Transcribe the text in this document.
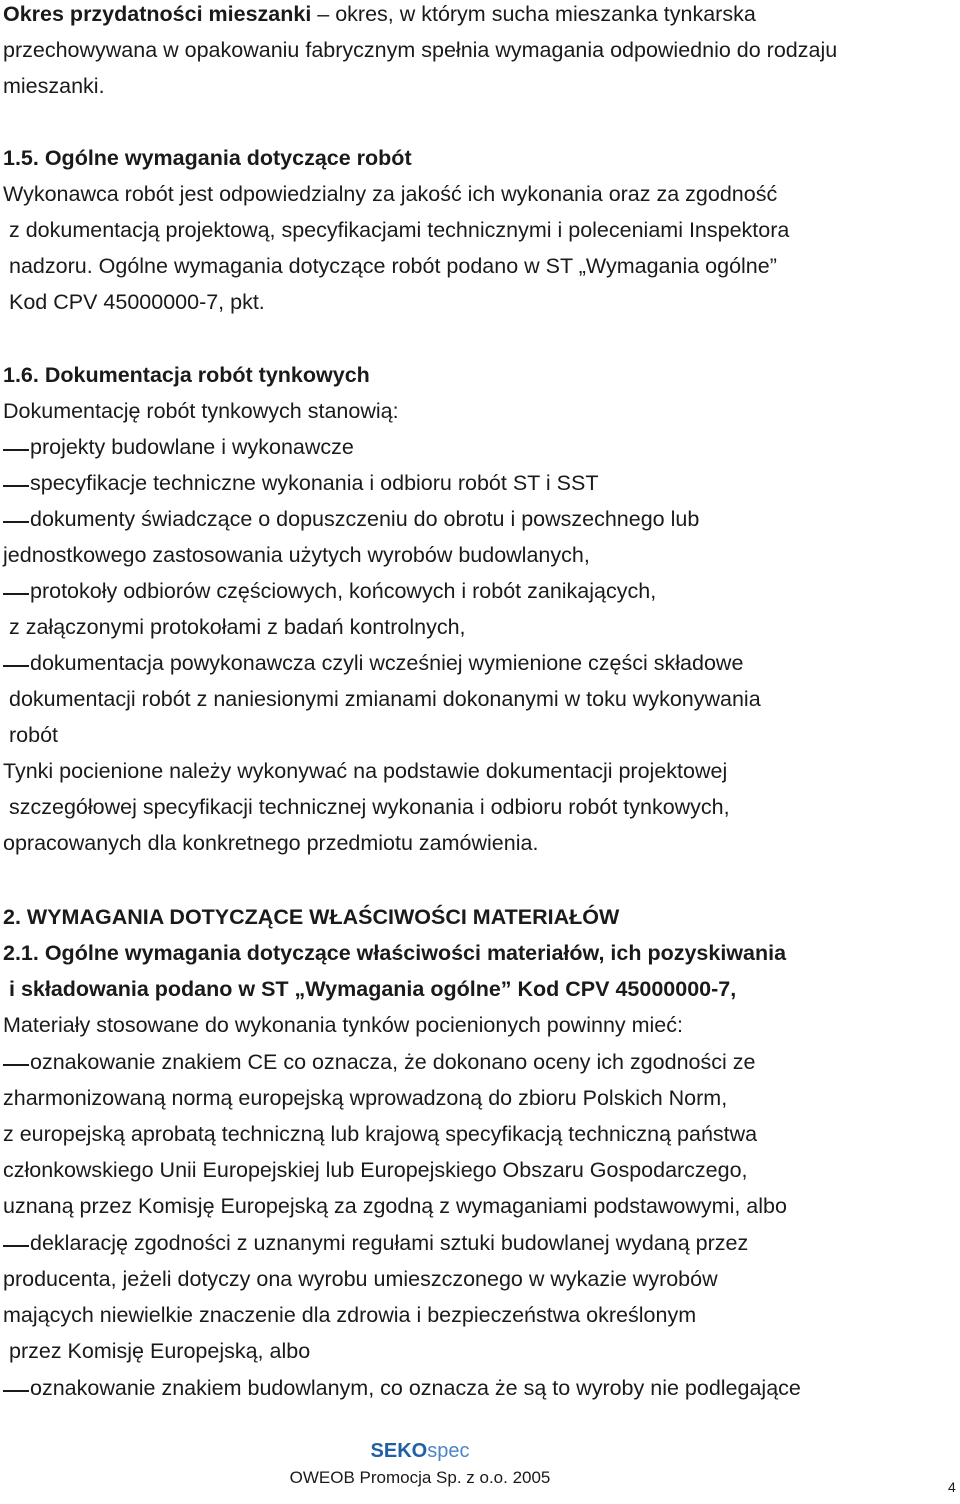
Okres przydatności mieszanki – okres, w którym sucha mieszanka tynkarska
przechowywana w opakowaniu fabrycznym spełnia wymagania odpowiednio do rodzaju
mieszanki.
1.5. Ogólne wymagania dotyczące robót
Wykonawca robót jest odpowiedzialny za jakość ich wykonania oraz za zgodność
z dokumentacją projektową, specyfikacjami technicznymi i poleceniami Inspektora
nadzoru. Ogólne wymagania dotyczące robót podano w ST „Wymagania ogólne”
Kod CPV 45000000-7, pkt.
1.6. Dokumentacja robót tynkowych
Dokumentację robót tynkowych stanowią:
projekty budowlane i wykonawcze
specyfikacje techniczne wykonania i odbioru robót ST i SST
dokumenty świadczące o dopuszczeniu do obrotu i powszechnego lub
jednostkowego zastosowania użytych wyrobów budowlanych,
protokoły odbiorów częściowych, końcowych i robót zanikających,
z załączonymi protokołami z badań kontrolnych,
dokumentacja powykonawcza czyli wcześniej wymienione części składowe
dokumentacji robót z naniesionymi zmianami dokonanymi w toku wykonywania
robót
Tynki pocienione należy wykonywać na podstawie dokumentacji projektowej
szczegółowej specyfikacji technicznej wykonania i odbioru robót tynkowych,
opracowanych dla konkretnego przedmiotu zamówienia.
2. WYMAGANIA DOTYCZĄCE WŁAŚCIWOŚCI MATERIAŁÓW
2.1. Ogólne wymagania dotyczące właściwości materiałów, ich pozyskiwania
i składowania podano w ST „Wymagania ogólne” Kod CPV 45000000-7,
Materiały stosowane do wykonania tynków pocienionych powinny mieć:
oznakowanie znakiem CE co oznacza, że dokonano oceny ich zgodności ze
zharmonizowaną normą europejską wprowadzoną do zbioru Polskich Norm,
z europejską aprobatą techniczną lub krajową specyfikacją techniczną państwa
członkowskiego Unii Europejskiej lub Europejskiego Obszaru Gospodarczego,
uznaną przez Komisję Europejską za zgodną z wymaganiami podstawowymi, albo
deklarację zgodności z uznanymi regułami sztuki budowlanej wydaną przez
producenta, jeżeli dotyczy ona wyrobu umieszczonego w wykazie wyrobów
mających niewielkie znaczenie dla zdrowia i bezpieczeństwa określonym
przez Komisję Europejską, albo
oznakowanie znakiem budowlanym, co oznacza że są to wyroby nie podlegające
SEKOspec
OWEOB Promocja Sp. z o.o. 2005	4
